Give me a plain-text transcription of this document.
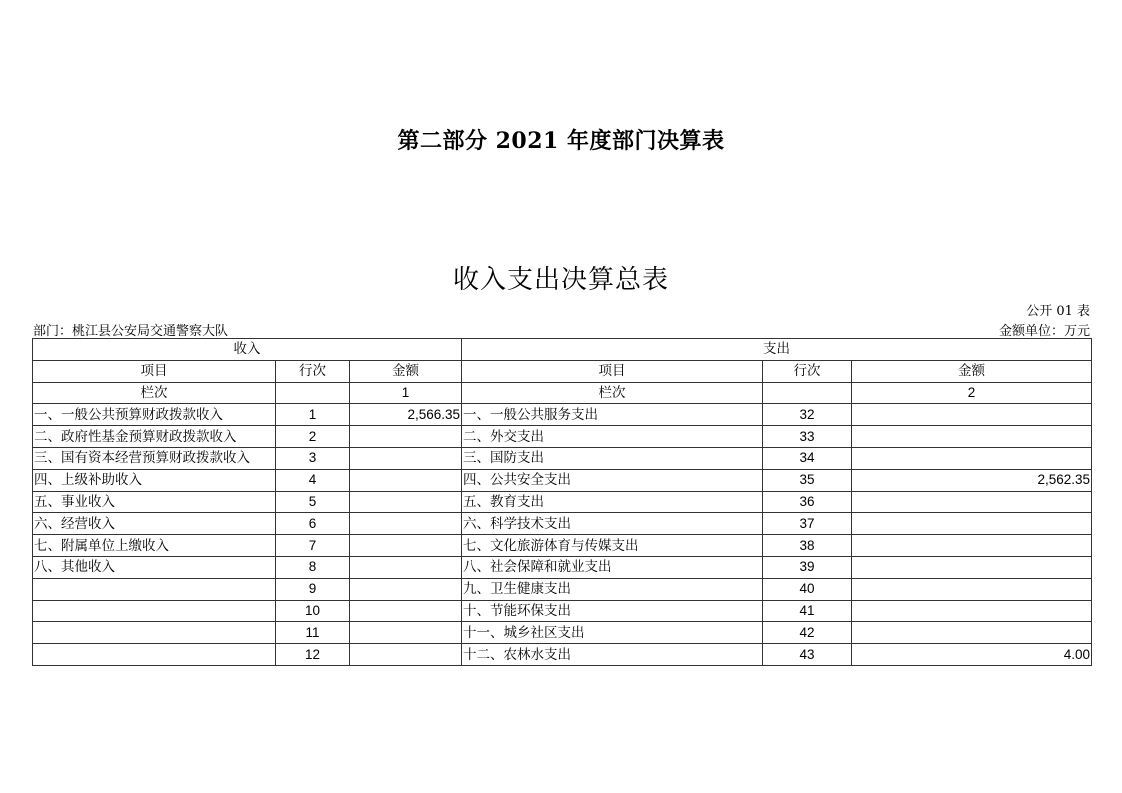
第二部分 2021 年度部门决算表
收入支出决算总表
公开 01 表
部门：桃江县公安局交通警察大队	金额单位：万元
收入			支出		
项目	行次	金额	项目	行次	金额
栏次		1	栏次		2
一、一般公共预算财政拨款收入	1	2,566.35	一、一般公共服务支出	32	
二、政府性基金预算财政拨款收入	2		二、外交支出	33	
三、国有资本经营预算财政拨款收入	3		三、国防支出	34	
四、上级补助收入	4		四、公共安全支出	35	2,562.35
五、事业收入	5		五、教育支出	36	
六、经营收入	6		六、科学技术支出	37	
七、附属单位上缴收入	7		七、文化旅游体育与传媒支出	38	
八、其他收入	8		八、社会保障和就业支出	39	
	9		九、卫生健康支出	40	
	10		十、节能环保支出	41	
	11		十一、城乡社区支出	42	
	12		十二、农林水支出	43	4.00
